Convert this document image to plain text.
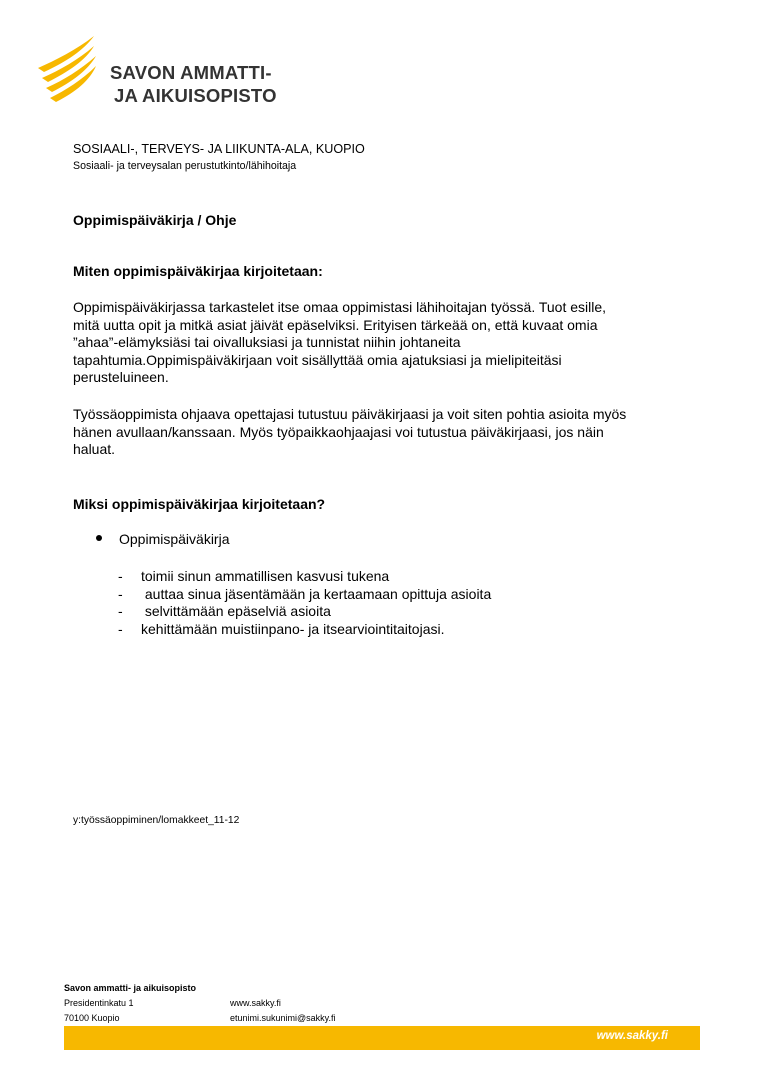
SAVON AMMATTI-
JA AIKUISOPISTO
SOSIAALI-, TERVEYS- JA LIIKUNTA-ALA, KUOPIO
Sosiaali- ja terveysalan perustutkinto/lähihoitaja
Oppimispäiväkirja / Ohje
Miten oppimispäiväkirjaa kirjoitetaan:

Oppimispäiväkirjassa tarkastelet itse omaa oppimistasi lähihoitajan työssä. Tuot esille,
mitä uutta opit ja mitkä asiat jäivät epäselviksi. Erityisen tärkeää on, että kuvaat omia
”ahaa”-elämyksiäsi tai oivalluksiasi ja tunnistat niihin johtaneita
tapahtumia.Oppimispäiväkirjaan voit sisällyttää omia ajatuksiasi ja mielipiteitäsi
perusteluineen.

Työssäoppimista ohjaava opettajasi tutustuu päiväkirjaasi ja voit siten pohtia asioita myös
hänen avullaan/kanssaan. Myös työpaikkaohjaajasi voi tutustua päiväkirjaasi, jos näin
haluat.

Miksi oppimispäiväkirjaa kirjoitetaan?
Oppimispäiväkirja
-	toimii sinun ammatillisen kasvusi tukena
-	auttaa sinua jäsentämään ja kertaamaan opittuja asioita
-	selvittämään epäselviä asioita
-	kehittämään muistiinpano- ja itsearviointitaitojasi.
y:työssäoppiminen/lomakkeet_11-12
Savon ammatti- ja aikuisopisto
Presidentinkatu 1
70100 Kuopio
www.sakky.fi
etunimi.sukunimi@sakky.fi
www.sakky.fi
